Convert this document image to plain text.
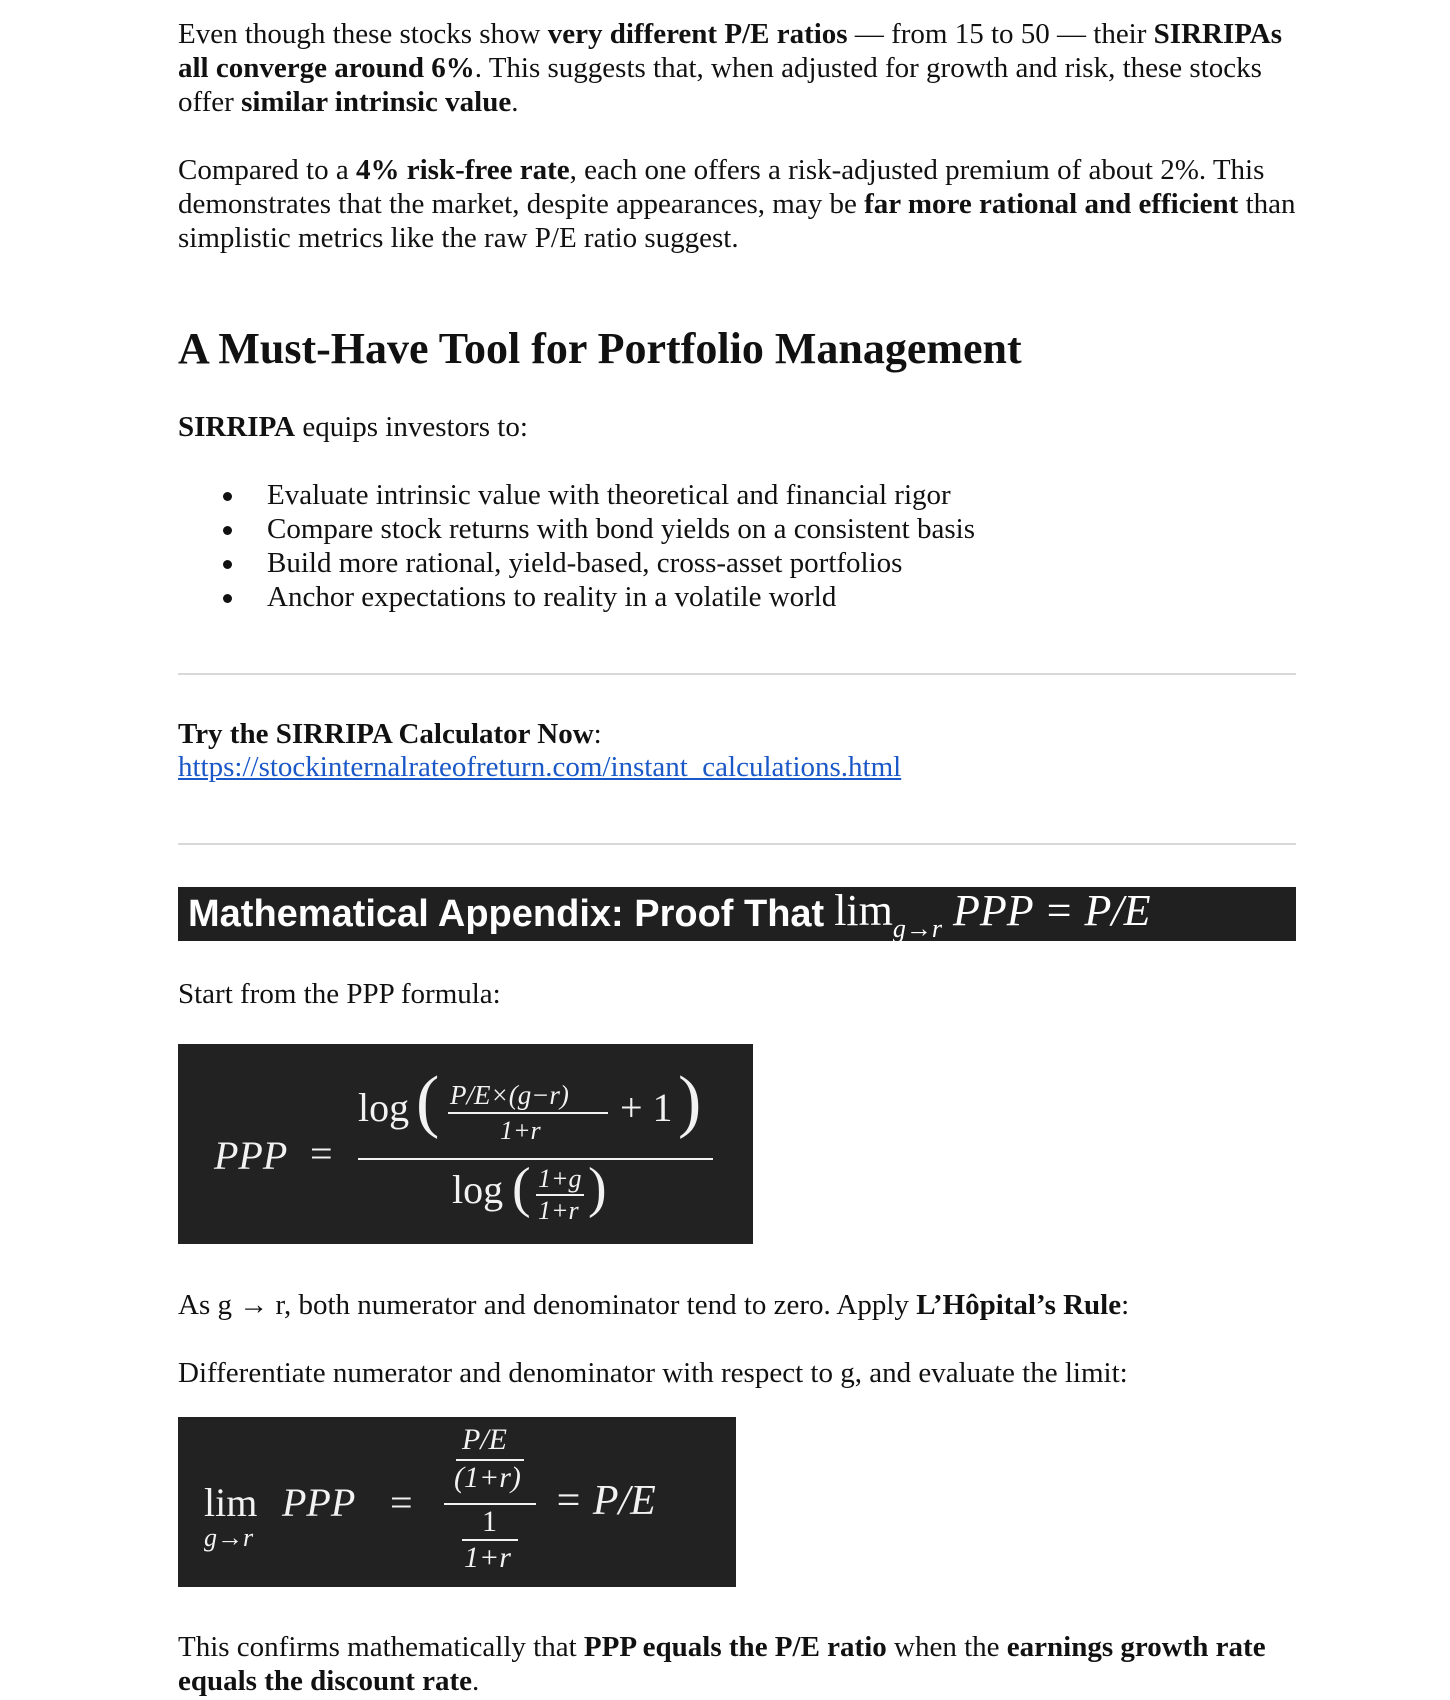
Even though these stocks show very different P/E ratios — from 15 to 50 — their SIRRIPAs all converge around 6%. This suggests that, when adjusted for growth and risk, these stocks offer similar intrinsic value.

Compared to a 4% risk-free rate, each one offers a risk-adjusted premium of about 2%. This demonstrates that the market, despite appearances, may be far more rational and efficient than simplistic metrics like the raw P/E ratio suggest.

A Must-Have Tool for Portfolio Management

SIRRIPA equips investors to:

Evaluate intrinsic value with theoretical and financial rigor
Compare stock returns with bond yields on a consistent basis
Build more rational, yield-based, cross-asset portfolios
Anchor expectations to reality in a volatile world

Try the SIRRIPA Calculator Now:

https://stockinternalrateofreturn.com/instant_calculations.html
Mathematical Appendix: Proof That $\lim_{g\to r}$ PPP = P/E

Start from the PPP formula:

PPP =
log ( P/E×(g−r)
1+r
+ 1 )
log ( 1+g
1+r )

As g → r, both numerator and denominator tend to zero. Apply L’Hôpital’s Rule:

Differentiate numerator and denominator with respect to g, and evaluate the limit:

lim
g→r
PPP =
P/E
(1+r)
1
1+r
= P/E

This confirms mathematically that PPP equals the P/E ratio when the earnings growth rate equals the discount rate.
